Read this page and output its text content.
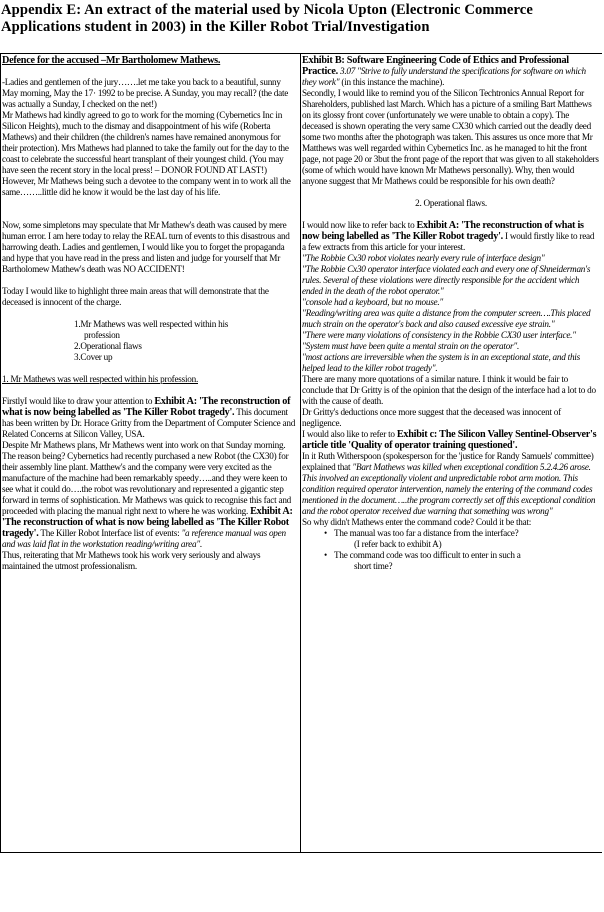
Appendix E: An extract of the material used by Nicola Upton (Electronic Commerce Applications student in 2003) in the Killer Robot Trial/Investigation

Defence for the accused –Mr Bartholomew Mathews.

-Ladies and gentlemen of the jury…….let me take you back to a beautiful, sunny May morning, May the 17· 1992 to be precise. A Sunday, you may recall? (the date was actually a Sunday, I checked on the net!)

Mr Mathews had kindly agreed to go to work for the morning (Cybernetics Inc in Silicon Heights), much to the dismay and disappointment of his wife (Roberta Mathews) and their children (the children's names have remained anonymous for their protection). Mrs Mathews had planned to take the family out for the day to the coast to celebrate the successful heart transplant of their youngest child. (You may have seen the recent story in the local press! – DONOR FOUND AT LAST!)

However, Mr Mathews being such a devotee to the company went in to work all the same……..little did he know it would be the last day of his life.

Now, some simpletons may speculate that Mr Mathew's death was caused by mere human error. I am here today to relay the REAL turn of events to this disastrous and harrowing death. Ladies and gentlemen, I would like you to forget the propaganda and hype that you have read in the press and listen and judge for yourself that Mr Bartholomew Mathew's death was NO ACCIDENT!

Today I would like to highlight three main areas that will demonstrate that the deceased is innocent of the charge.

1.Mr Mathews was well respected within his

profession

2.Operational flaws

3.Cover up

1. Mr Mathews was well respected within his profession.

FirstlyI would like to draw your attention to Exhibit A: 'The reconstruction of what is now being labelled as 'The Killer Robot tragedy'. This document has been written by Dr. Horace Gritty from the Department of Computer Science and Related Concerns at Silicon Valley, USA.

Despite Mr Mathews plans, Mr Mathews went into work on that Sunday morning. The reason being? Cybernetics had recently purchased a new Robot (the CX30) for their assembly line plant. Matthew's and the company were very excited as the manufacture of the machine had been remarkably speedy…..and they were keen to see what it could do….the robot was revolutionary and represented a gigantic step forward in terms of sophistication. Mr Mathews was quick to recognise this fact and proceeded with placing the manual right next to where he was working. Exhibit A: 'The reconstruction of what is now being labelled as 'The Killer Robot tragedy'. The Killer Robot Interface list of events: "a reference manual was open and was laid flat in the workstation reading/writing area".

Thus, reiterating that Mr Mathews took his work very seriously and always maintained the utmost professionalism.

Exhibit B: Software Engineering Code of Ethics and Professional Practice. 3.07 "Strive to fully understand the specifications for software on which they work" (in this instance the machine).

Secondly, I would like to remind you of the Silicon Techtronics Annual Report for Shareholders, published last March. Which has a picture of a smiling Bart Matthews on its glossy front cover (unfortunately we were unable to obtain a copy). The deceased is shown operating the very same CX30 which carried out the deadly deed some two months after the photograph was taken. This assures us once more that Mr Matthews was well regarded within Cybernetics Inc. as he managed to hit the front page, not page 20 or 3but the front page of the report that was given to all stakeholders (some of which would have known Mr Mathews personally). Why, then would anyone suggest that Mr Mathews could be responsible for his own death?

2. Operational flaws.

I would now like to refer back to Exhibit A: 'The reconstruction of what is now being labelled as 'The Killer Robot tragedy'. I would firstly like to read a few extracts from this article for your interest.

"The Robbie Cx30 robot violates nearly every rule of interface design"

"The Robbie Cx30 operator interface violated each and every one of Shneiderman's rules. Several of these violations were directly responsible for the accident which ended in the death of the robot operator."

"console had a keyboard, but no mouse."

"Reading/writing area was quite a distance from the computer screen….This placed much strain on the operator's back and also caused excessive eye strain."

"There were many violations of consistency in the Robbie CX30 user interface."

"System must have been quite a mental strain on the operator".

"most actions are irreversible when the system is in an exceptional state, and this helped lead to the killer robot tragedy".

There are many more quotations of a similar nature. I think it would be fair to conclude that Dr Gritty is of the opinion that the design of the interface had a lot to do with the cause of death.

Dr Gritty's deductions once more suggest that the deceased was innocent of negligence.

I would also like to refer to Exhibit c: The Silicon Valley Sentinel-Observer's article title 'Quality of operator training questioned'.

In it Ruth Witherspoon (spokesperson for the 'justice for Randy Samuels' committee) explained that "Bart Mathews was killed when exceptional condition 5.2.4.26 arose. This involved an exceptionally violent and unpredictable robot arm motion. This condition required operator intervention, namely the entering of the command codes mentioned in the document…..the program correctly set off this exceptional condition and the robot operator received due warning that something was wrong"

So why didn't Mathews enter the command code? Could it be that:

• The manual was too far a distance from the interface?
(I refer back to exhibit A)
• The command code was too difficult to enter in such a
short time?
